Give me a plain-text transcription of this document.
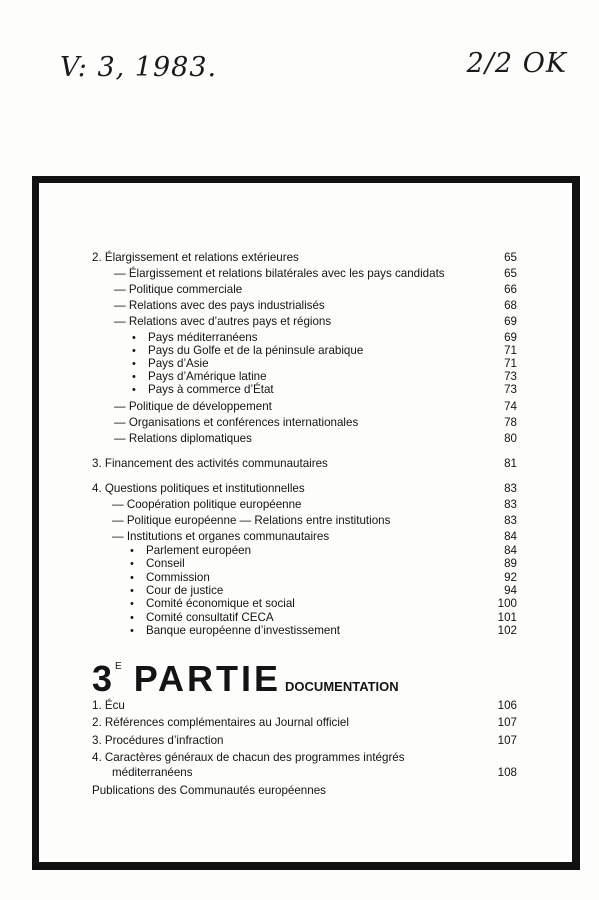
V: 3, 1983.	2/2 OK
2. Élargissement et relations extérieures	65
— Élargissement et relations bilatérales avec les pays candidats	65
— Politique commerciale	66
— Relations avec des pays industrialisés	68
— Relations avec d’autres pays et régions	69
• Pays méditerranéens	69
• Pays du Golfe et de la péninsule arabique	71
• Pays d’Asie	71
• Pays d’Amérique latine	73
• Pays à commerce d’État	73
— Politique de développement	74
— Organisations et conférences internationales	78
— Relations diplomatiques	80
3. Financement des activités communautaires	81
4. Questions politiques et institutionnelles	83
— Coopération politique européenne	83
— Politique européenne — Relations entre institutions	83
— Institutions et organes communautaires	84
• Parlement européen	84
• Conseil	89
• Commission	92
• Cour de justice	94
• Comité économique et social	100
• Comité consultatif CECA	101
• Banque européenne d’investissement	102
3 $^E$ PARTIE DOCUMENTATION
1. Écu	106
2. Références complémentaires au Journal officiel	107
3. Procédures d’infraction	107
4. Caractères généraux de chacun des programmes intégrés
méditerranéens	108
Publications des Communautés européennes
